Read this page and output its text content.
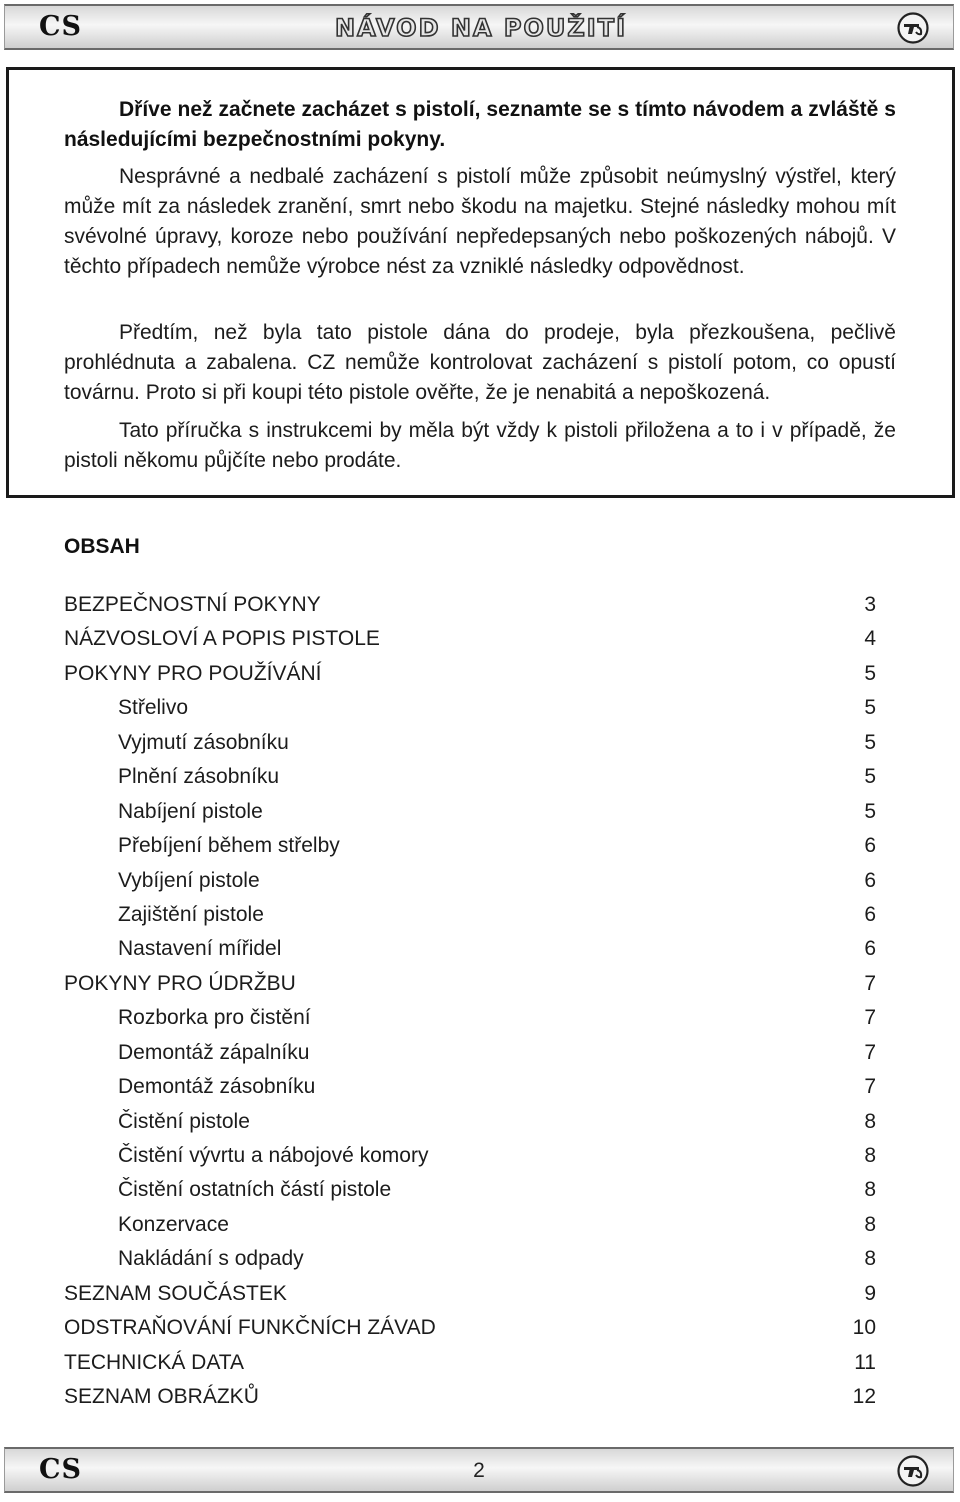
CS	NÁVOD NA POUŽITÍ
Dříve než začnete zacházet s pistolí, seznamte se s tímto návodem a zvláště s následujícími bezpečnostními pokyny.
Nesprávné a nedbalé zacházení s pistolí může způsobit neúmyslný výstřel, který může mít za následek zranění, smrt nebo škodu na majetku. Stejné následky mohou mít svévolné úpravy, koroze nebo používání nepředepsaných nebo poškozených nábojů. V těchto případech nemůže výrobce nést za vzniklé následky odpovědnost.
Předtím, než byla tato pistole dána do prodeje, byla přezkoušena, pečlivě prohlédnuta a zabalena. CZ nemůže kontrolovat zacházení s pistolí potom, co opustí továrnu. Proto si při koupi této pistole ověřte, že je nenabitá a nepoškozená.
Tato příručka s instrukcemi by měla být vždy k pistoli přiložena a to i v případě, že pistoli někomu půjčíte nebo prodáte.
OBSAH
BEZPEČNOSTNÍ POKYNY	3
NÁZVOSLOVÍ A POPIS PISTOLE	4
POKYNY PRO POUŽÍVÁNÍ	5
Střelivo	5
Vyjmutí zásobníku	5
Plnění zásobníku	5
Nabíjení pistole	5
Přebíjení během střelby	6
Vybíjení pistole	6
Zajištění pistole	6
Nastavení mířidel	6
POKYNY PRO ÚDRŽBU	7
Rozborka pro čistění	7
Demontáž zápalníku	7
Demontáž zásobníku	7
Čistění pistole	8
Čistění vývrtu a nábojové komory	8
Čistění ostatních částí pistole	8
Konzervace	8
Nakládání s odpady	8
SEZNAM SOUČÁSTEK	9
ODSTRAŇOVÁNÍ FUNKČNÍCH ZÁVAD	10
TECHNICKÁ DATA	11
SEZNAM OBRÁZKŮ	12
CS	2
